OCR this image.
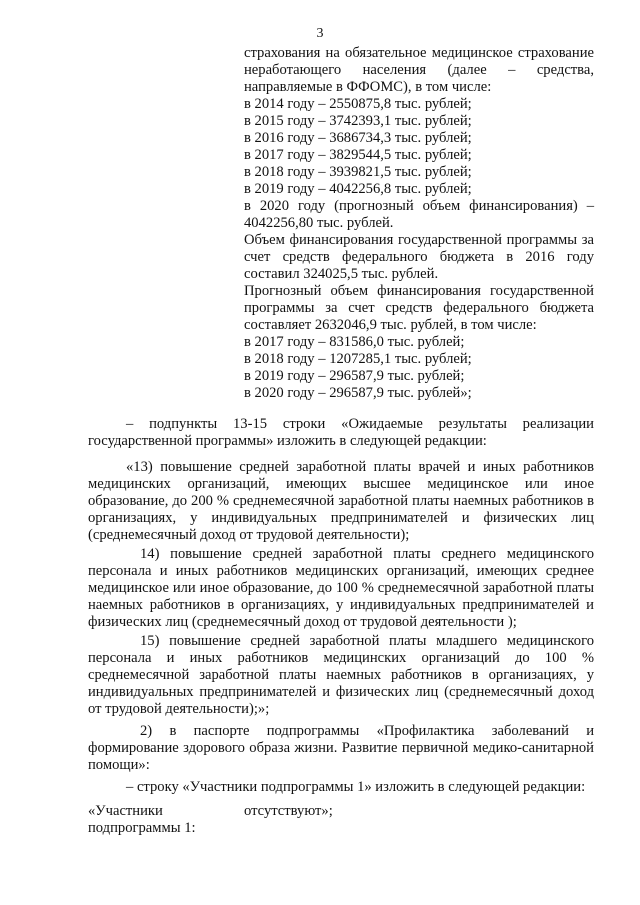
3
страхования на обязательное медицинское страхование
неработающего населения (далее – средства,
направляемые в ФФОМС), в том числе:
в 2014 году – 2550875,8 тыс. рублей;
в 2015 году – 3742393,1 тыс. рублей;
в 2016 году – 3686734,3 тыс. рублей;
в 2017 году – 3829544,5 тыс. рублей;
в 2018 году – 3939821,5 тыс. рублей;
в 2019 году – 4042256,8 тыс. рублей;
в 2020 году (прогнозный объем финансирования) –
4042256,80 тыс. рублей.
Объем финансирования государственной программы за
счет средств федерального бюджета в 2016 году
составил 324025,5 тыс. рублей.
Прогнозный объем финансирования государственной
программы за счет средств федерального бюджета
составляет 2632046,9 тыс. рублей, в том числе:
в 2017 году – 831586,0 тыс. рублей;
в 2018 году – 1207285,1 тыс. рублей;
в 2019 году – 296587,9 тыс. рублей;
в 2020 году – 296587,9 тыс. рублей»;
– подпункты 13-15 строки «Ожидаемые результаты реализации
государственной программы» изложить в следующей редакции:
«13) повышение средней заработной платы врачей и иных работников
медицинских организаций, имеющих высшее медицинское или иное
образование, до 200 % среднемесячной заработной платы наемных работников в
организациях, у индивидуальных предпринимателей и физических лиц
(среднемесячный доход от трудовой деятельности);
14) повышение средней заработной платы среднего медицинского
персонала и иных работников медицинских организаций, имеющих среднее
медицинское или иное образование, до 100 % среднемесячной заработной платы
наемных работников в организациях, у индивидуальных предпринимателей и
физических лиц (среднемесячный доход от трудовой деятельности );
15) повышение средней заработной платы младшего медицинского
персонала и иных работников медицинских организаций до 100 %
среднемесячной заработной платы наемных работников в организациях, у
индивидуальных предпринимателей и физических лиц (среднемесячный доход
от трудовой деятельности);»;
2) в паспорте подпрограммы «Профилактика заболеваний и
формирование здорового образа жизни. Развитие первичной медико-санитарной
помощи»:
– строку «Участники подпрограммы 1» изложить в следующей редакции:
«Участники	отсутствуют»;
подпрограммы 1:
